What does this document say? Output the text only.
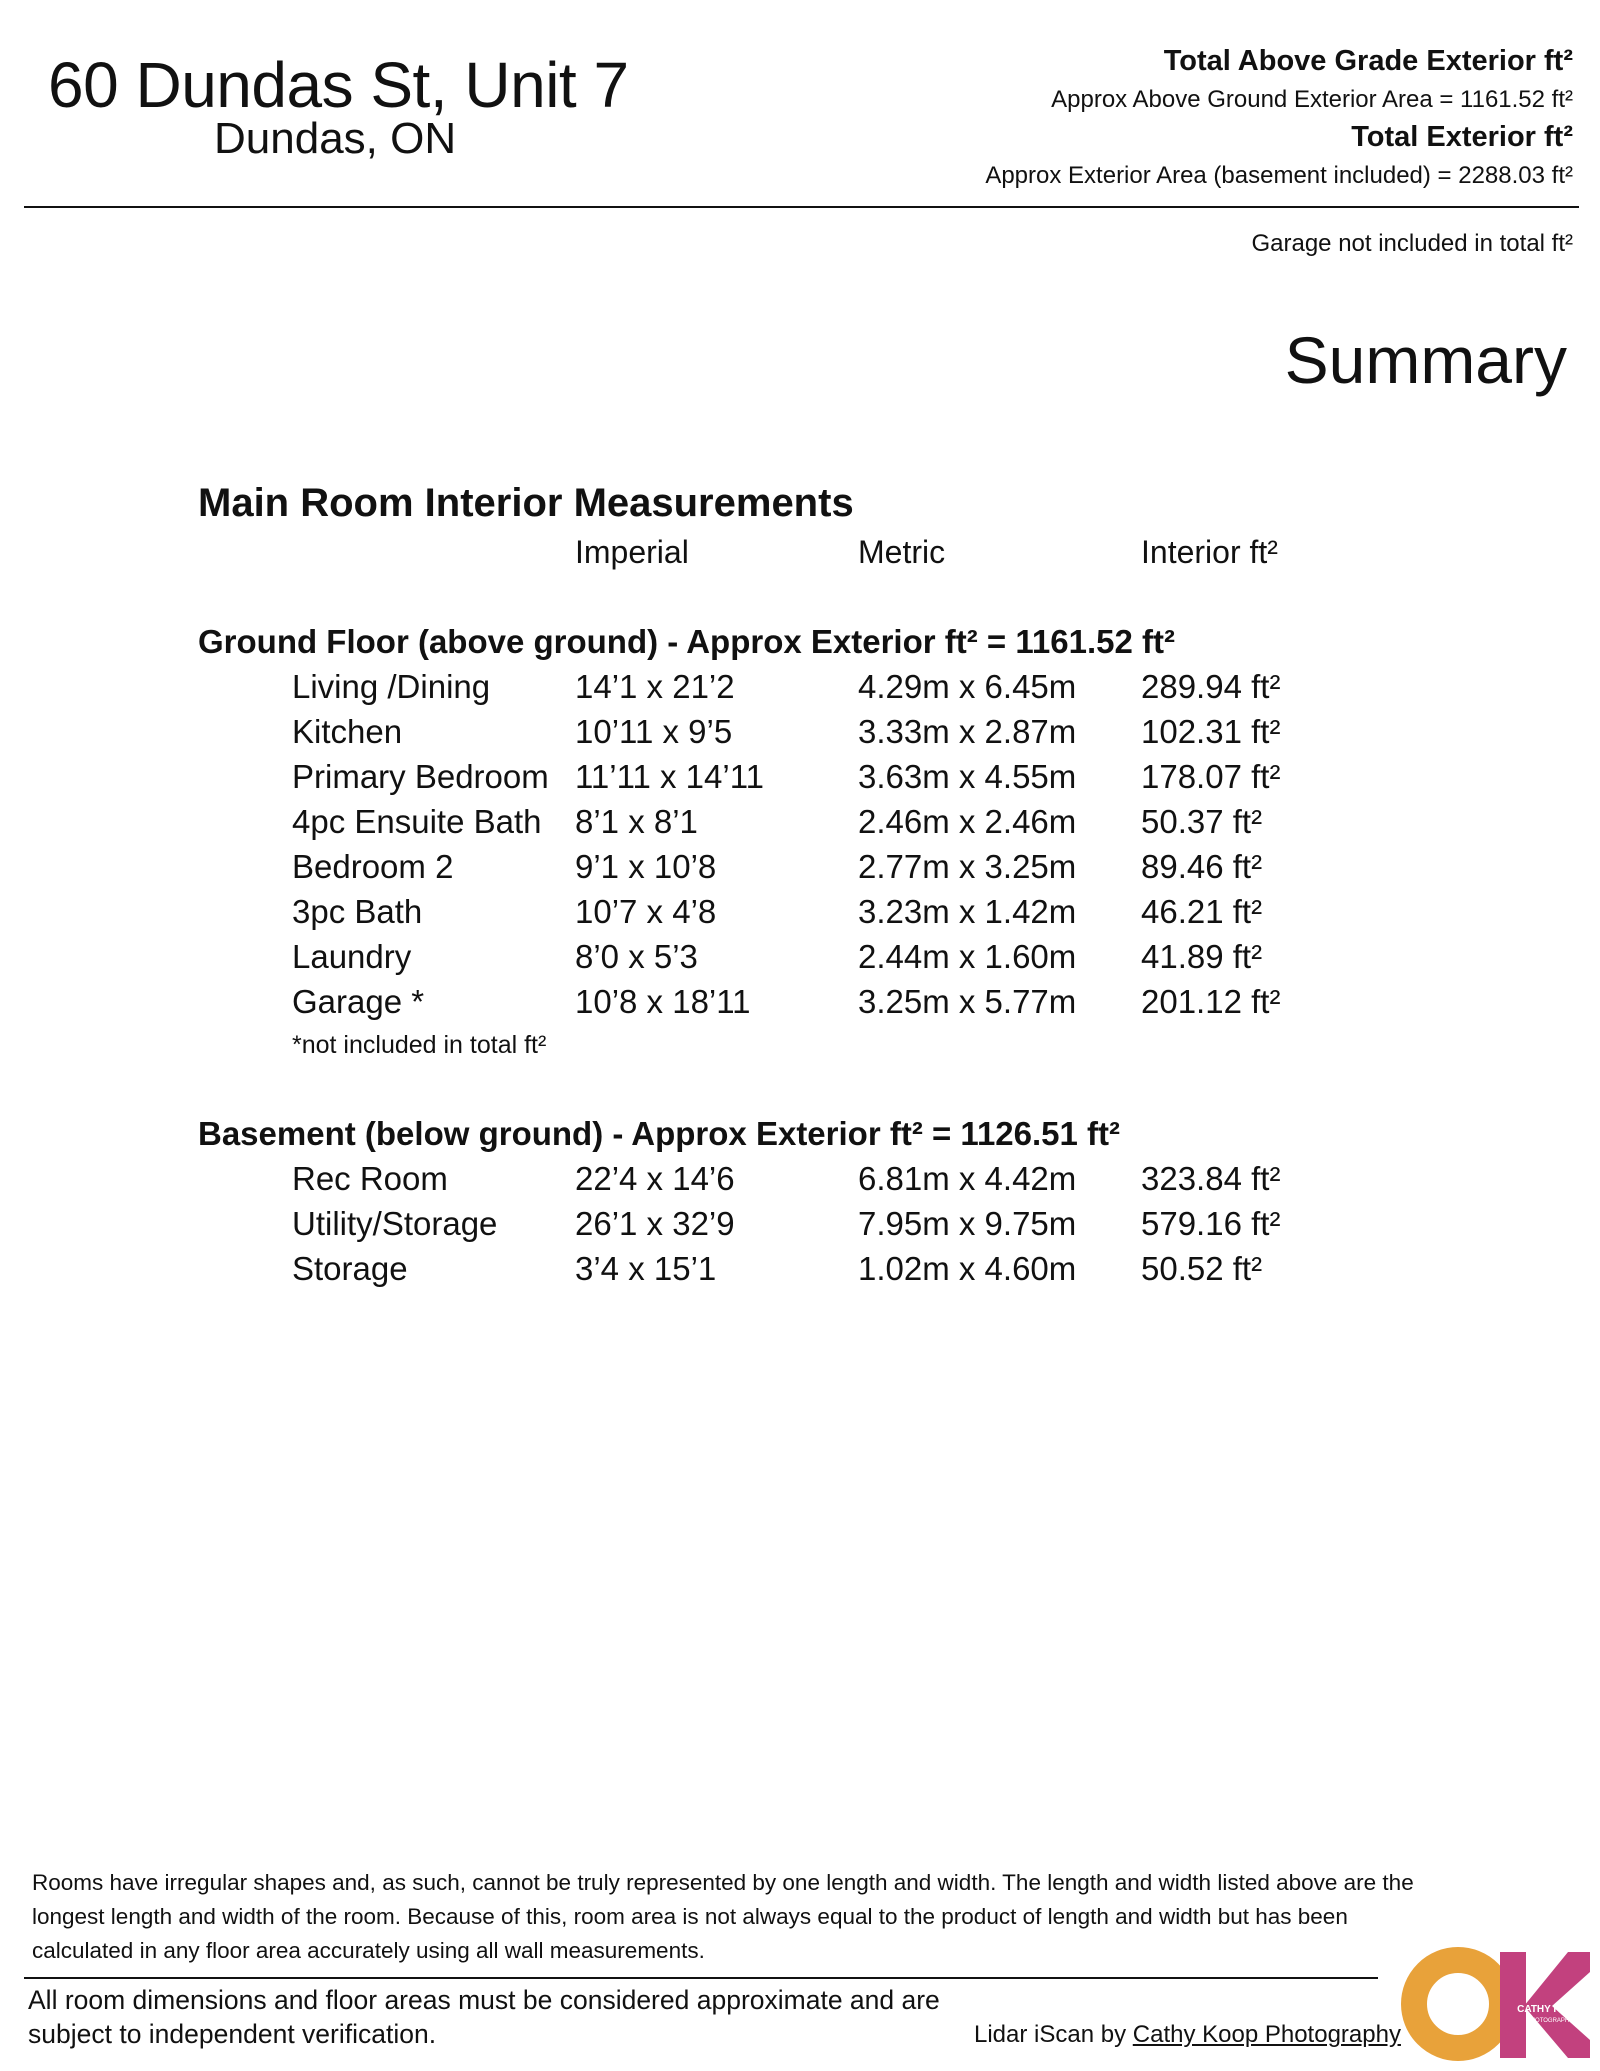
60 Dundas St, Unit 7
Dundas, ON
Total Above Grade Exterior ft²
Approx Above Ground Exterior Area = 1161.52 ft²
Total Exterior ft²
Approx Exterior Area (basement included) = 2288.03 ft²
Garage not included in total ft²
Summary
Main Room Interior Measurements
Imperial	Metric	Interior ft²
Ground Floor (above ground) - Approx Exterior ft² = 1161.52 ft²
Living /Dining	14’1 x 21’2	4.29m x 6.45m 289.94 ft²
Kitchen	10’11 x 9’5	3.33m x 2.87m 102.31 ft²
Primary Bedroom 11’11 x 14’11	3.63m x 4.55m 178.07 ft²
4pc Ensuite Bath 8’1 x 8’1	2.46m x 2.46m 50.37 ft²
Bedroom 2	9’1 x 10’8	2.77m x 3.25m 89.46 ft²
3pc Bath	10’7 x 4’8	3.23m x 1.42m 46.21 ft²
Laundry	8’0 x 5’3	2.44m x 1.60m 41.89 ft²
Garage *	10’8 x 18’11	3.25m x 5.77m 201.12 ft²
*not included in total ft²
Basement (below ground) - Approx Exterior ft² = 1126.51 ft²
Rec Room	22’4 x 14’6	6.81m x 4.42m 323.84 ft²
Utility/Storage 26’1 x 32’9	7.95m x 9.75m 579.16 ft²
Storage	3’4 x 15’1	1.02m x 4.60m 50.52 ft²
Rooms have irregular shapes and, as such, cannot be truly represented by one length and width. The length and width listed above are the longest length and width of the room. Because of this, room area is not always equal to the product of length and width but has been calculated in any floor area accurately using all wall measurements.
All room dimensions and floor areas must be considered approximate and are subject to independent verification.	Lidar iScan by Cathy Koop Photography
CATHY KOOP
PHOTOGRAPHY
